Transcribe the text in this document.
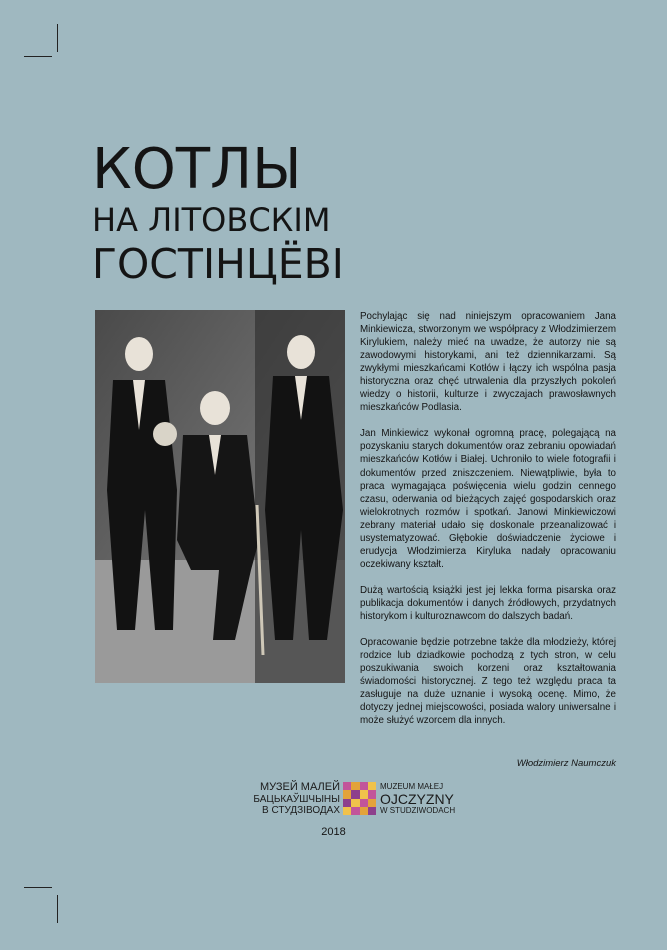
КОТЛЫ
НА ЛІТОВСКІМ
ГОСТІНЦЁВІ

Pochylając się nad niniejszym opracowaniem Jana Minkiewicza, stworzonym we współpracy z Włodzimierzem Kirylukiem, należy mieć na uwadze, że autorzy nie są zawodowymi historykami, ani też dziennikarzami. Są zwykłymi mieszkańcami Kotłów i łączy ich wspólna pasja historyczna oraz chęć utrwalenia dla przyszłych pokoleń wiedzy o historii, kulturze i zwyczajach prawosławnych mieszkańców Podlasia.

Jan Minkiewicz wykonał ogromną pracę, polegającą na pozyskaniu starych dokumentów oraz zebraniu opowiadań mieszkańców Kotłów i Białej. Uchroniło to wiele fotografii i dokumentów przed zniszczeniem. Niewątpliwie, była to praca wymagająca poświęcenia wielu godzin cennego czasu, oderwania od bieżących zajęć gospodarskich oraz wielokrotnych rozmów i spotkań. Janowi Minkiewiczowi zebrany materiał udało się doskonale przeanalizować i usystematyzować. Głębokie doświadczenie życiowe i erudycja Włodzimierza Kiryluka nadały opracowaniu oczekiwany kształt.

Dużą wartością książki jest jej lekka forma pisarska oraz publikacja dokumentów i danych źródłowych, przydatnych historykom i kulturoznawcom do dalszych badań.

Opracowanie będzie potrzebne także dla młodzieży, której rodzice lub dziadkowie pochodzą z tych stron, w celu poszukiwania swoich korzeni oraz kształtowania świadomości historycznej. Z tego też względu praca ta zasługuje na duże uznanie i wysoką ocenę. Mimo, że dotyczy jednej miejscowości, posiada walory uniwersalne i może służyć wzorcem dla innych.

Włodzimierz Naumczuk
МУЗЕЙ МАЛЕЙ
БАЦЬКАЎШЧЫНЫ
В СТУДЗІВОДАХ
MUZEUM MAŁEJ
OJCZYZNY
W STUDZIWODACH
2018
